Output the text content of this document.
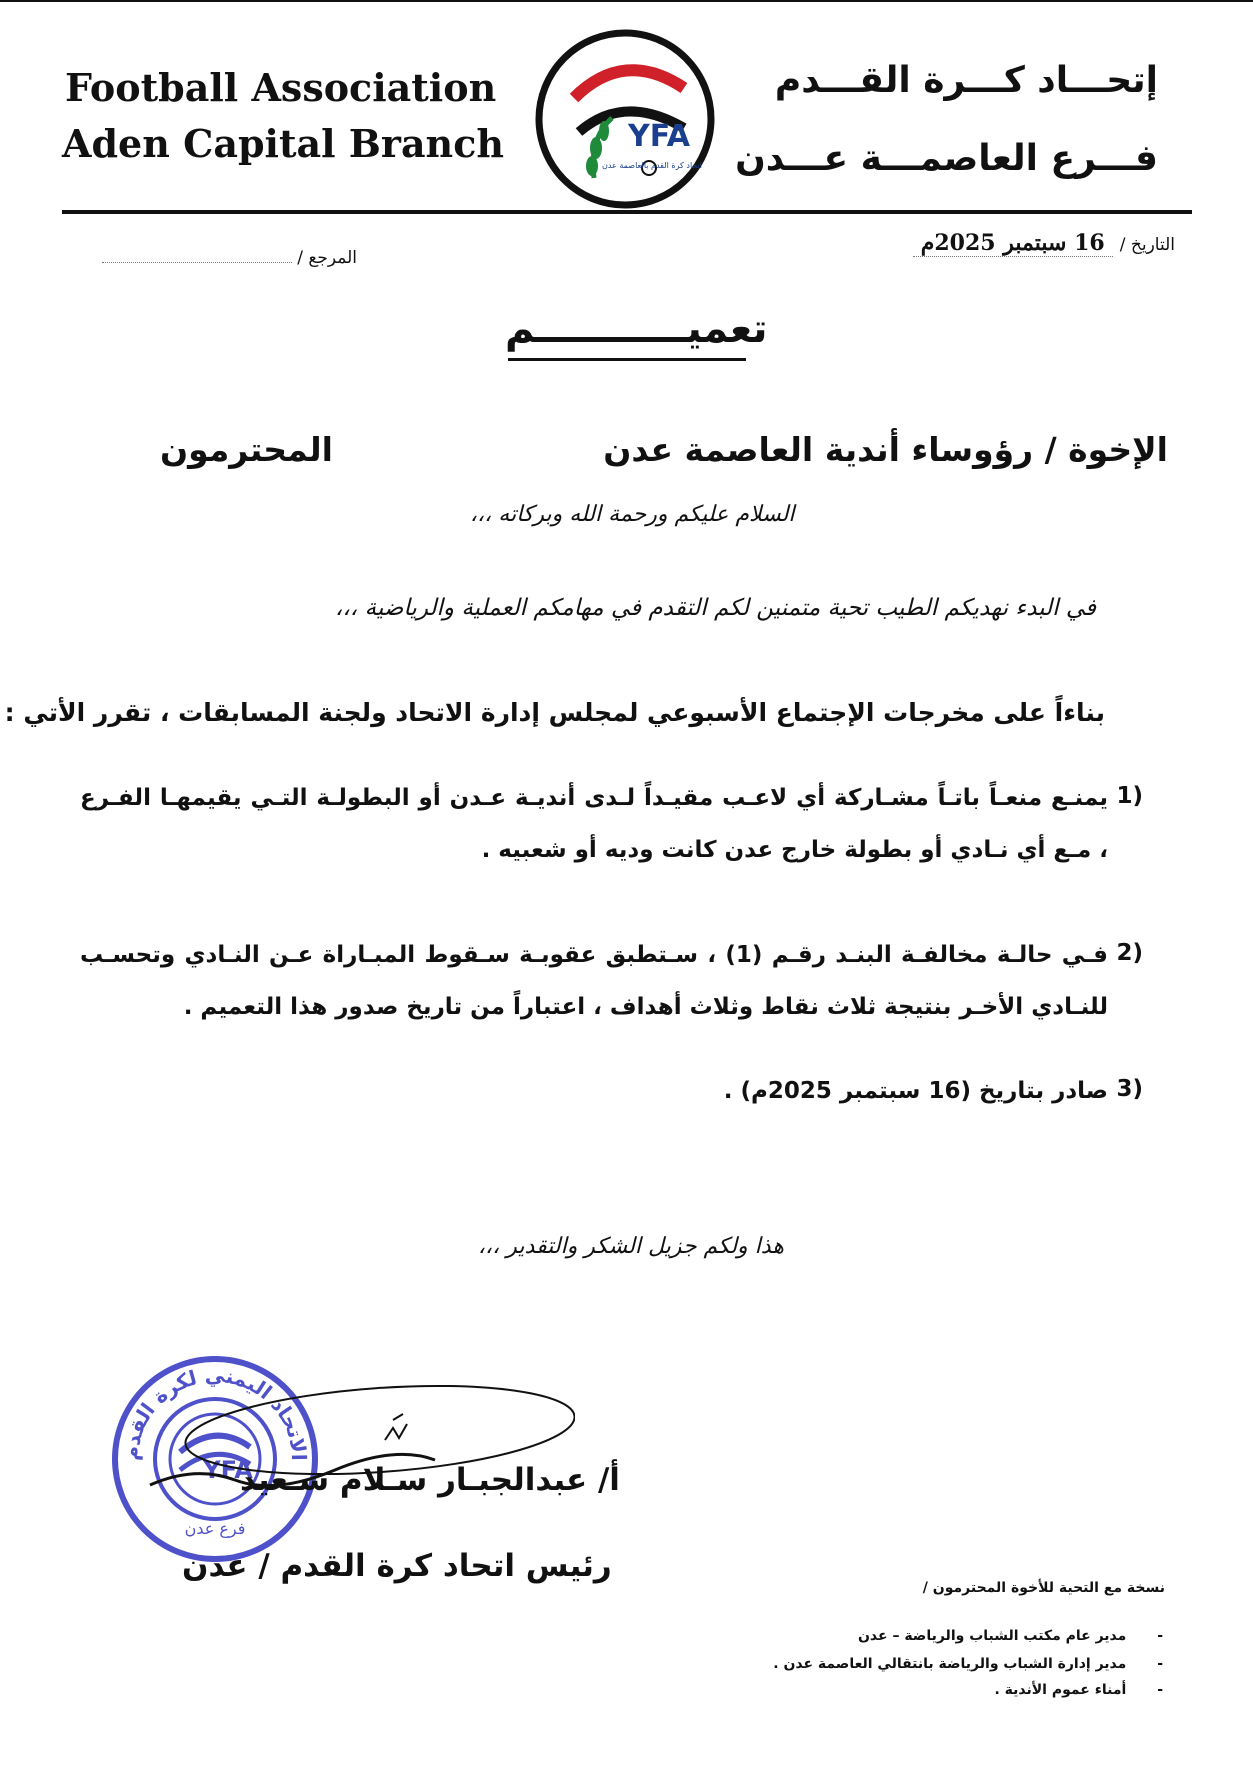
Football Association
Aden Capital Branch	YFA
اتحاد كرة القدم بالعاصمة عدن
إتحـــاد كـــرة القـــدم
فـــرع العاصمـــة عـــدن
التاريخ / 16 سبتمبر 2025م
المرجع /
تعميـــــــــــم
الإخوة / رؤوساء أندية العاصمة عدن
المحترمون
السلام عليكم ورحمة الله وبركاته ،،،
في البدء نهديكم الطيب تحية متمنين لكم التقدم في مهامكم العملية والرياضية ،،،
بناءاً على مخرجات الإجتماع الأسبوعي لمجلس إدارة الاتحاد ولجنة المسابقات ، تقرر الأتي :
1)
يمنـع منعـاً باتـاً مشـاركة أي لاعـب مقيـداً لـدى أنديـة عـدن أو البطولـة التـي يقيمهـا الفـرع ، مـع أي نـادي أو بطولة خارج عدن كانت وديه أو شعبيه .
2)
فـي حالـة مخالفـة البنـد رقـم (1) ، سـتطبق عقوبـة سـقوط المبـاراة عـن النـادي وتحسـب للنـادي الأخـر بنتيجة ثلاث نقاط وثلاث أهداف ، اعتباراً من تاريخ صدور هذا التعميم .
3)
صادر بتاريخ (16 سبتمبر 2025م) .
هذا ولكم جزيل الشكر والتقدير ،،،
الاتحاد اليمني لكرة القدم
YFA
فرع عدن
أ/ عبدالجبـار سـلام سـعيد
رئيس اتحاد كرة القدم / عدن
نسخة مع التحية للأخوة المحترمون /
- مدير عام مكتب الشباب والرياضة – عدن
- مدير إدارة الشباب والرياضة بانتقالي العاصمة عدن .
- أمناء عموم الأندية .
